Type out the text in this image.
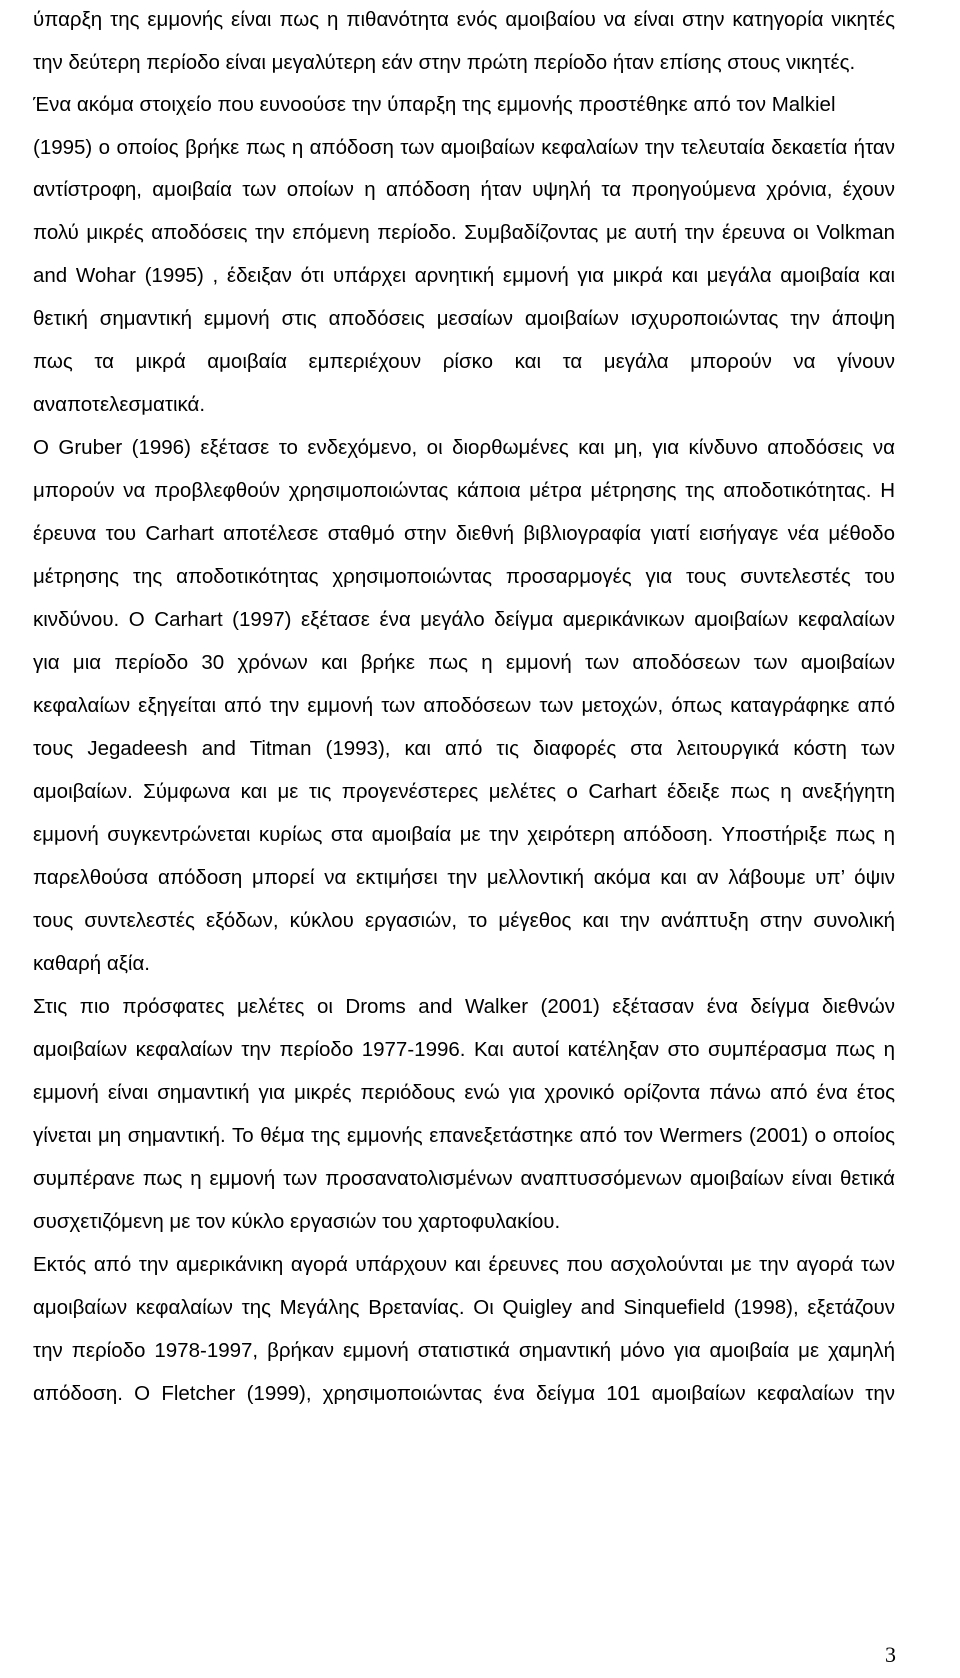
ύπαρξη της εμμονής είναι πως η πιθανότητα ενός αμοιβαίου να είναι στην κατηγορία νικητές
την δεύτερη περίοδο είναι μεγαλύτερη εάν στην πρώτη περίοδο ήταν επίσης στους νικητές.
Ένα ακόμα στοιχείο που ευνοούσε την ύπαρξη της εμμονής προστέθηκε από τον Malkiel
(1995) ο οποίος βρήκε πως η απόδοση των αμοιβαίων κεφαλαίων την τελευταία δεκαετία ήταν
αντίστροφη, αμοιβαία των οποίων η απόδοση ήταν υψηλή τα προηγούμενα χρόνια, έχουν
πολύ μικρές αποδόσεις την επόμενη περίοδο. Συμβαδίζοντας με αυτή την έρευνα οι Volkman
and Wohar (1995) , έδειξαν ότι υπάρχει αρνητική εμμονή για μικρά και μεγάλα αμοιβαία και
θετική σημαντική εμμονή στις αποδόσεις μεσαίων αμοιβαίων ισχυροποιώντας την άποψη
πως τα μικρά αμοιβαία εμπεριέχουν ρίσκο και τα μεγάλα μπορούν να γίνουν
αναποτελεσματικά.
Ο Gruber (1996) εξέτασε το ενδεχόμενο, οι διορθωμένες και μη, για κίνδυνο αποδόσεις να
μπορούν να προβλεφθούν χρησιμοποιώντας κάποια μέτρα μέτρησης της αποδοτικότητας. Η
έρευνα του Carhart αποτέλεσε σταθμό στην διεθνή βιβλιογραφία γιατί εισήγαγε νέα μέθοδο
μέτρησης της αποδοτικότητας χρησιμοποιώντας προσαρμογές για τους συντελεστές του
κινδύνου. Ο Carhart (1997) εξέτασε ένα μεγάλο δείγμα αμερικάνικων αμοιβαίων κεφαλαίων
για μια περίοδο 30 χρόνων και βρήκε πως η εμμονή των αποδόσεων των αμοιβαίων
κεφαλαίων εξηγείται από την εμμονή των αποδόσεων των μετοχών, όπως καταγράφηκε από
τους Jegadeesh and Titman (1993), και από τις διαφορές στα λειτουργικά κόστη των
αμοιβαίων. Σύμφωνα και με τις προγενέστερες μελέτες ο Carhart έδειξε πως η ανεξήγητη
εμμονή συγκεντρώνεται κυρίως στα αμοιβαία με την χειρότερη απόδοση. Υποστήριξε πως η
παρελθούσα απόδοση μπορεί να εκτιμήσει την μελλοντική ακόμα και αν λάβουμε υπ’ όψιν
τους συντελεστές εξόδων, κύκλου εργασιών, το μέγεθος και την ανάπτυξη στην συνολική
καθαρή αξία.
Στις πιο πρόσφατες μελέτες οι Droms and Walker (2001) εξέτασαν ένα δείγμα διεθνών
αμοιβαίων κεφαλαίων την περίοδο 1977-1996. Και αυτοί κατέληξαν στο συμπέρασμα πως η
εμμονή είναι σημαντική για μικρές περιόδους ενώ για χρονικό ορίζοντα πάνω από ένα έτος
γίνεται μη σημαντική. Το θέμα της εμμονής επανεξετάστηκε από τον Wermers (2001) ο οποίος
συμπέρανε πως η εμμονή των προσανατολισμένων αναπτυσσόμενων αμοιβαίων είναι θετικά
συσχετιζόμενη με τον κύκλο εργασιών του χαρτοφυλακίου.
Εκτός από την αμερικάνικη αγορά υπάρχουν και έρευνες που ασχολούνται με την αγορά των
αμοιβαίων κεφαλαίων της Μεγάλης Βρετανίας. Οι Quigley and Sinquefield (1998), εξετάζουν
την περίοδο 1978-1997, βρήκαν εμμονή στατιστικά σημαντική μόνο για αμοιβαία με χαμηλή
απόδοση. Ο Fletcher (1999), χρησιμοποιώντας ένα δείγμα 101 αμοιβαίων κεφαλαίων την
3
